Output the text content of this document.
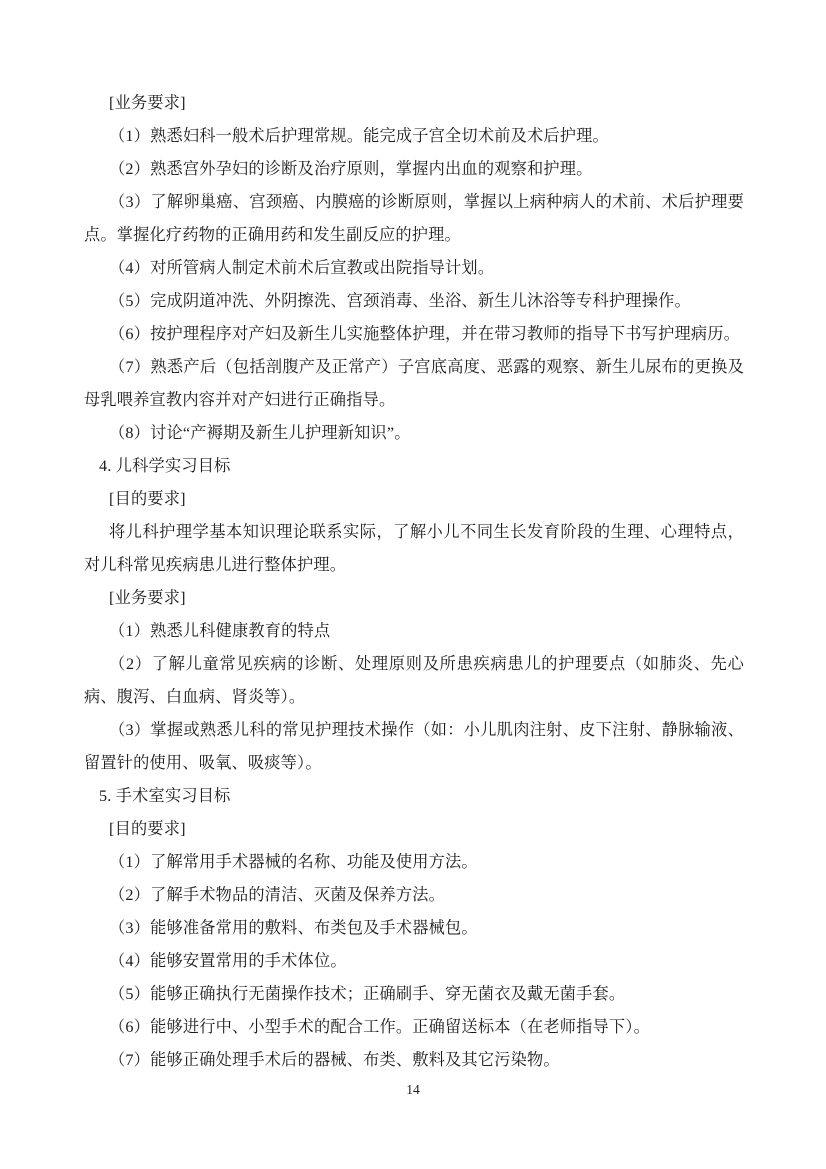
[业务要求]
（1）熟悉妇科一般术后护理常规。能完成子宫全切术前及术后护理。
（2）熟悉宫外孕妇的诊断及治疗原则，掌握内出血的观察和护理。
（3）了解卵巢癌、宫颈癌、内膜癌的诊断原则，掌握以上病种病人的术前、术后护理要
点。掌握化疗药物的正确用药和发生副反应的护理。
（4）对所管病人制定术前术后宣教或出院指导计划。
（5）完成阴道冲洗、外阴擦洗、宫颈消毒、坐浴、新生儿沐浴等专科护理操作。
（6）按护理程序对产妇及新生儿实施整体护理，并在带习教师的指导下书写护理病历。
（7）熟悉产后（包括剖腹产及正常产）子宫底高度、恶露的观察、新生儿尿布的更换及
母乳喂养宣教内容并对产妇进行正确指导。
（8）讨论“产褥期及新生儿护理新知识”。
4. 儿科学实习目标
[目的要求]
将儿科护理学基本知识理论联系实际，了解小儿不同生长发育阶段的生理、心理特点，
对儿科常见疾病患儿进行整体护理。
[业务要求]
（1）熟悉儿科健康教育的特点
（2）了解儿童常见疾病的诊断、处理原则及所患疾病患儿的护理要点（如肺炎、先心
病、腹泻、白血病、肾炎等）。
（3）掌握或熟悉儿科的常见护理技术操作（如：小儿肌肉注射、皮下注射、静脉输液、
留置针的使用、吸氧、吸痰等）。
5. 手术室实习目标
[目的要求]
（1）了解常用手术器械的名称、功能及使用方法。
（2）了解手术物品的清洁、灭菌及保养方法。
（3）能够准备常用的敷料、布类包及手术器械包。
（4）能够安置常用的手术体位。
（5）能够正确执行无菌操作技术；正确刷手、穿无菌衣及戴无菌手套。
（6）能够进行中、小型手术的配合工作。正确留送标本（在老师指导下）。
（7）能够正确处理手术后的器械、布类、敷料及其它污染物。
14
